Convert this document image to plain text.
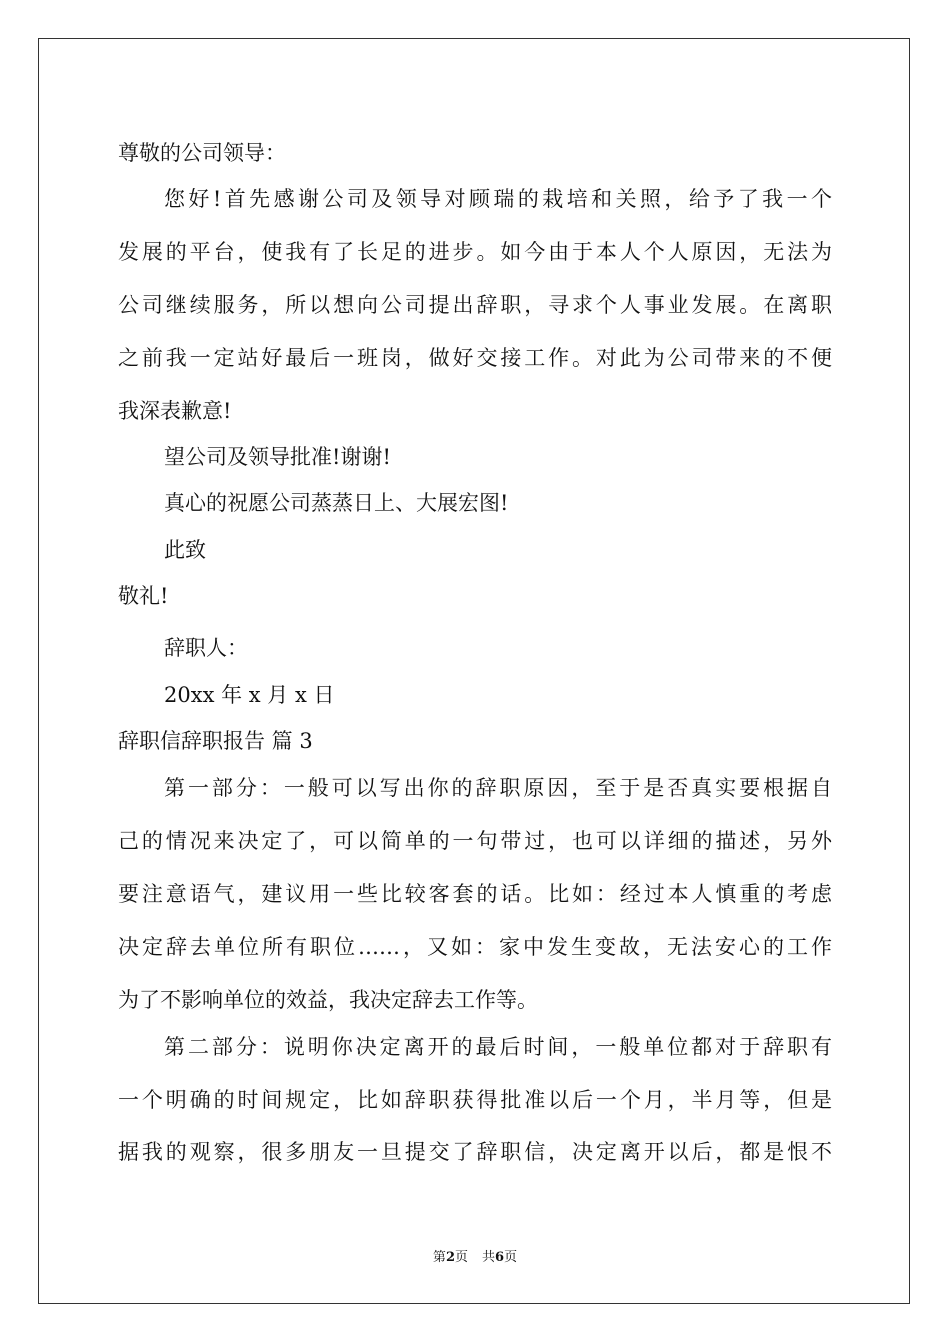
尊敬的公司领导：
您好!首先感谢公司及领导对顾瑞的栽培和关照，给予了我一个
发展的平台，使我有了长足的进步。如今由于本人个人原因，无法为
公司继续服务，所以想向公司提出辞职，寻求个人事业发展。在离职
之前我一定站好最后一班岗，做好交接工作。对此为公司带来的不便
我深表歉意!
望公司及领导批准!谢谢!
真心的祝愿公司蒸蒸日上、大展宏图!
此致
敬礼!
辞职人：
20xx 年 x 月 x 日
辞职信辞职报告 篇 3
第一部分：一般可以写出你的辞职原因，至于是否真实要根据自
己的情况来决定了，可以简单的一句带过，也可以详细的描述，另外
要注意语气，建议用一些比较客套的话。比如：经过本人慎重的考虑
决定辞去单位所有职位……，又如：家中发生变故，无法安心的工作
为了不影响单位的效益，我决定辞去工作等。
第二部分：说明你决定离开的最后时间，一般单位都对于辞职有
一个明确的时间规定，比如辞职获得批准以后一个月，半月等，但是
据我的观察，很多朋友一旦提交了辞职信，决定离开以后，都是恨不
第2页 共6页
